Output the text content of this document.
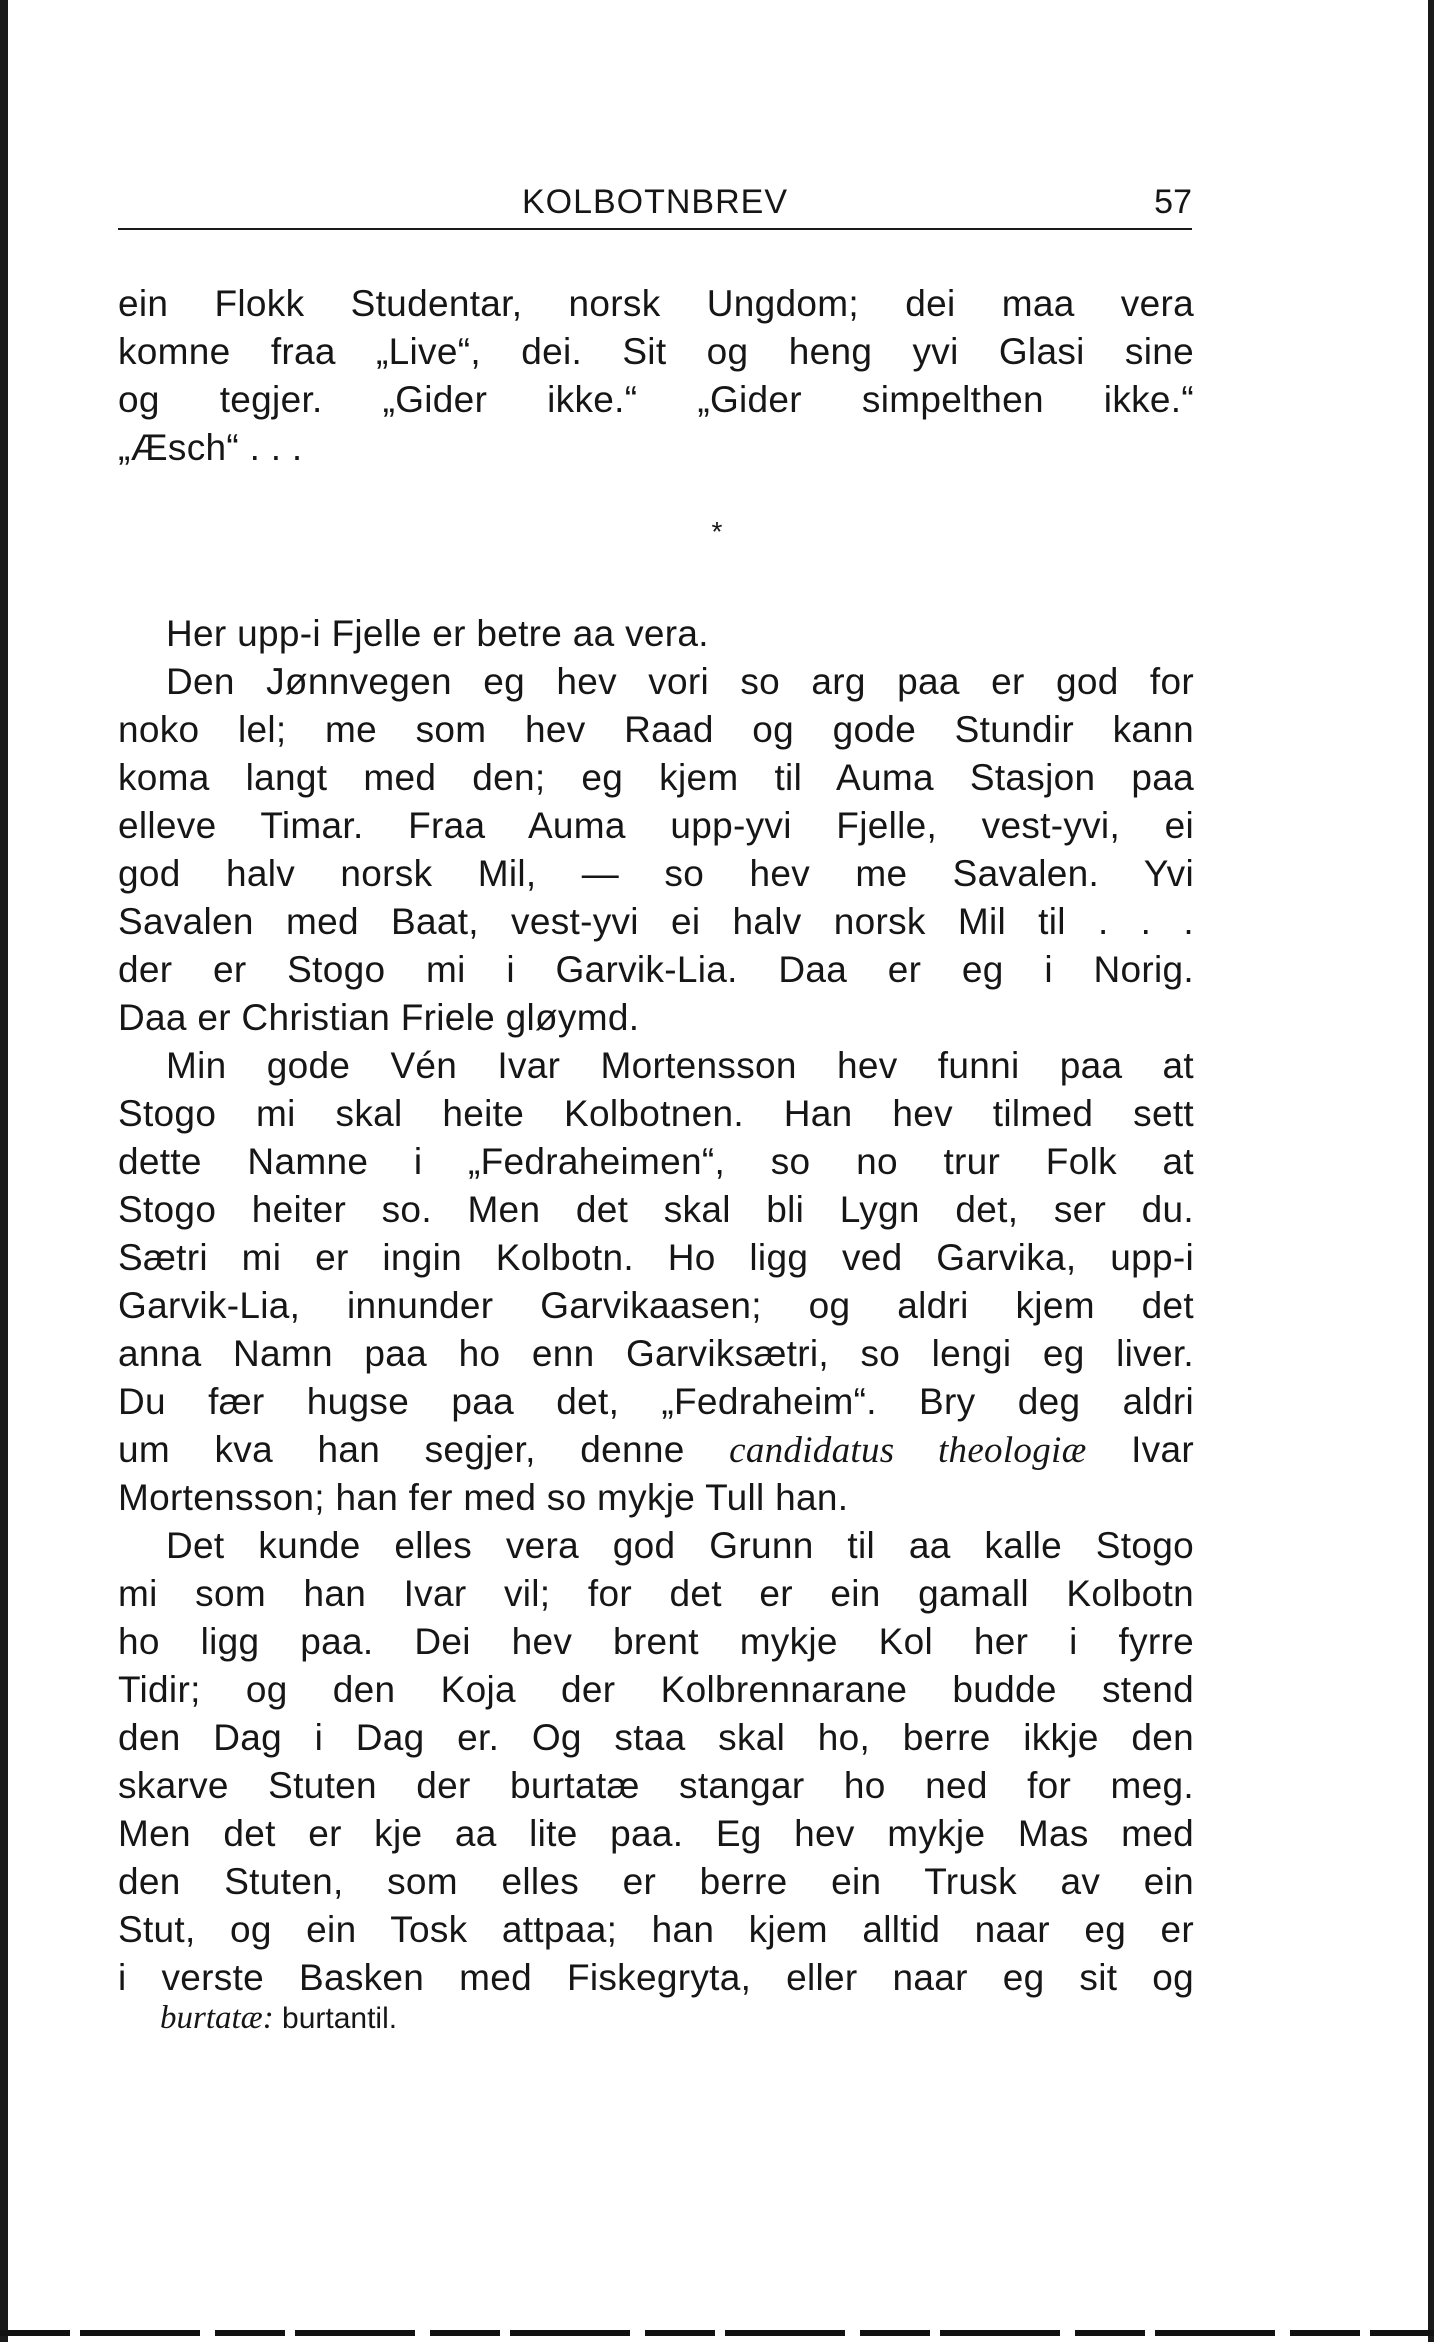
KOLBOTNBREV	57
ein Flokk Studentar, norsk Ungdom; dei maa vera
komne fraa „Live“, dei. Sit og heng yvi Glasi sine
og tegjer. „Gider ikke.“ „Gider simpelthen ikke.“
„Æsch“ . . .
*
Her upp-i Fjelle er betre aa vera.
Den Jønnvegen eg hev vori so arg paa er god for
noko lel; me som hev Raad og gode Stundir kann
koma langt med den; eg kjem til Auma Stasjon paa
elleve Timar. Fraa Auma upp-yvi Fjelle, vest-yvi, ei
god halv norsk Mil, — so hev me Savalen. Yvi
Savalen med Baat, vest-yvi ei halv norsk Mil til . . .
der er Stogo mi i Garvik-Lia. Daa er eg i Norig.
Daa er Christian Friele gløymd.
Min gode Vén Ivar Mortensson hev funni paa at
Stogo mi skal heite Kolbotnen. Han hev tilmed sett
dette Namne i „Fedraheimen“, so no trur Folk at
Stogo heiter so. Men det skal bli Lygn det, ser du.
Sætri mi er ingin Kolbotn. Ho ligg ved Garvika, upp-i
Garvik-Lia, innunder Garvikaasen; og aldri kjem det
anna Namn paa ho enn Garviksætri, so lengi eg liver.
Du fær hugse paa det, „Fedraheim“. Bry deg aldri
um kva han segjer, denne candidatus theologiæ Ivar
Mortensson; han fer med so mykje Tull han.
Det kunde elles vera god Grunn til aa kalle Stogo
mi som han Ivar vil; for det er ein gamall Kolbotn
ho ligg paa. Dei hev brent mykje Kol her i fyrre
Tidir; og den Koja der Kolbrennarane budde stend
den Dag i Dag er. Og staa skal ho, berre ikkje den
skarve Stuten der burtatæ stangar ho ned for meg.
Men det er kje aa lite paa. Eg hev mykje Mas med
den Stuten, som elles er berre ein Trusk av ein
Stut, og ein Tosk attpaa; han kjem alltid naar eg er
i verste Basken med Fiskegryta, eller naar eg sit og
burtatæ: burtantil.
